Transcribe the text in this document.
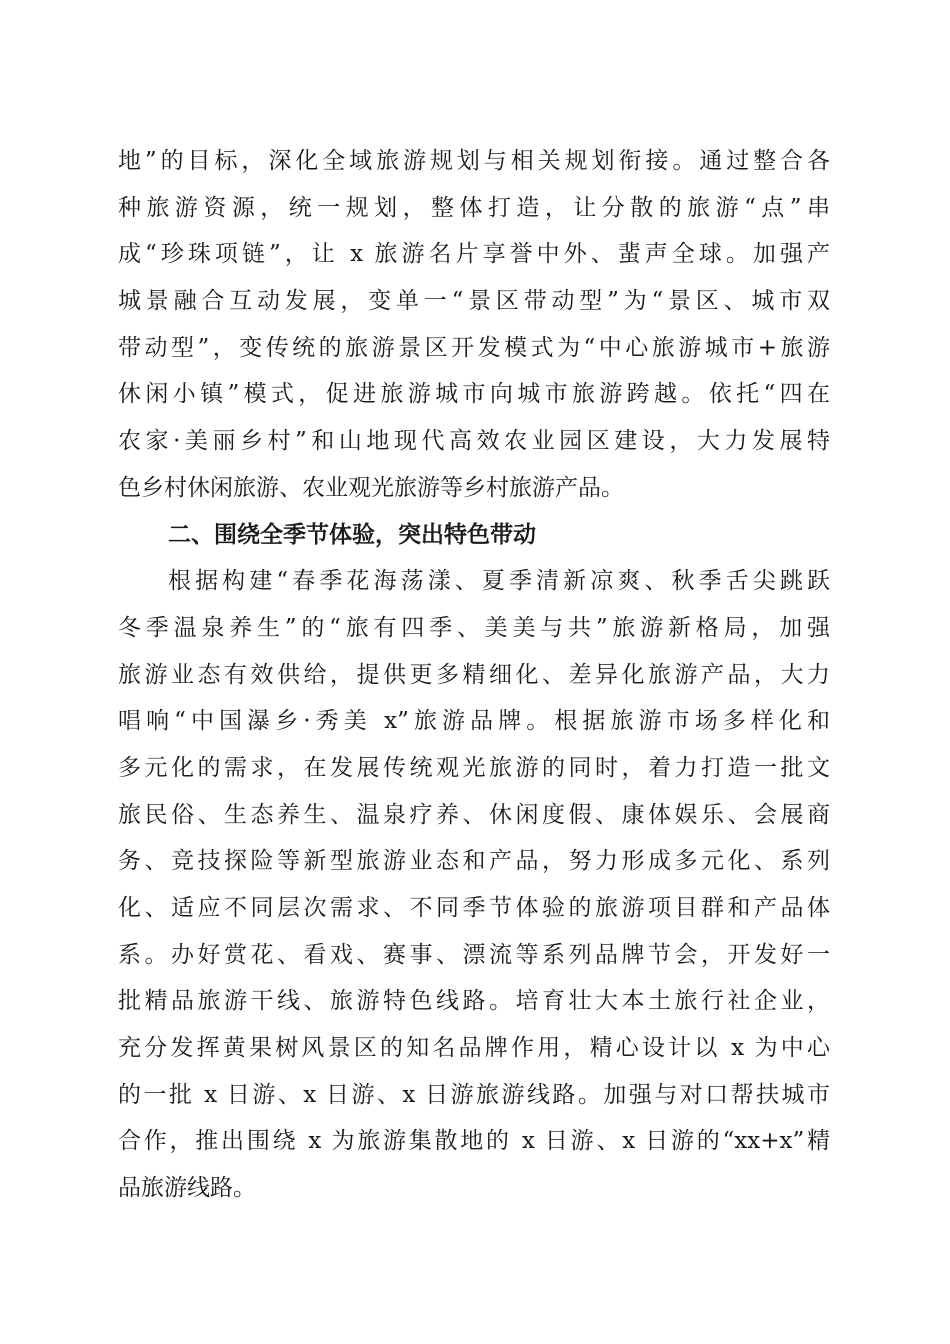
地”的目标，深化全域旅游规划与相关规划衔接。通过整合各
种旅游资源，统一规划，整体打造，让分散的旅游“点”串
成“珍珠项链”，让 x 旅游名片享誉中外、蜚声全球。加强产
城景融合互动发展，变单一“景区带动型”为“景区、城市双
带动型”，变传统的旅游景区开发模式为“中心旅游城市+旅游
休闲小镇”模式，促进旅游城市向城市旅游跨越。依托“四在
农家·美丽乡村”和山地现代高效农业园区建设，大力发展特
色乡村休闲旅游、农业观光旅游等乡村旅游产品。
二、围绕全季节体验，突出特色带动
根据构建“春季花海荡漾、夏季清新凉爽、秋季舌尖跳跃
冬季温泉养生”的“旅有四季、美美与共”旅游新格局，加强
旅游业态有效供给，提供更多精细化、差异化旅游产品，大力
唱响“中国瀑乡·秀美 x”旅游品牌。根据旅游市场多样化和
多元化的需求，在发展传统观光旅游的同时，着力打造一批文
旅民俗、生态养生、温泉疗养、休闲度假、康体娱乐、会展商
务、竞技探险等新型旅游业态和产品，努力形成多元化、系列
化、适应不同层次需求、不同季节体验的旅游项目群和产品体
系。办好赏花、看戏、赛事、漂流等系列品牌节会，开发好一
批精品旅游干线、旅游特色线路。培育壮大本土旅行社企业，
充分发挥黄果树风景区的知名品牌作用，精心设计以 x 为中心
的一批 x 日游、x 日游、x 日游旅游线路。加强与对口帮扶城市
合作，推出围绕 x 为旅游集散地的 x 日游、x 日游的“xx+x”精
品旅游线路。
